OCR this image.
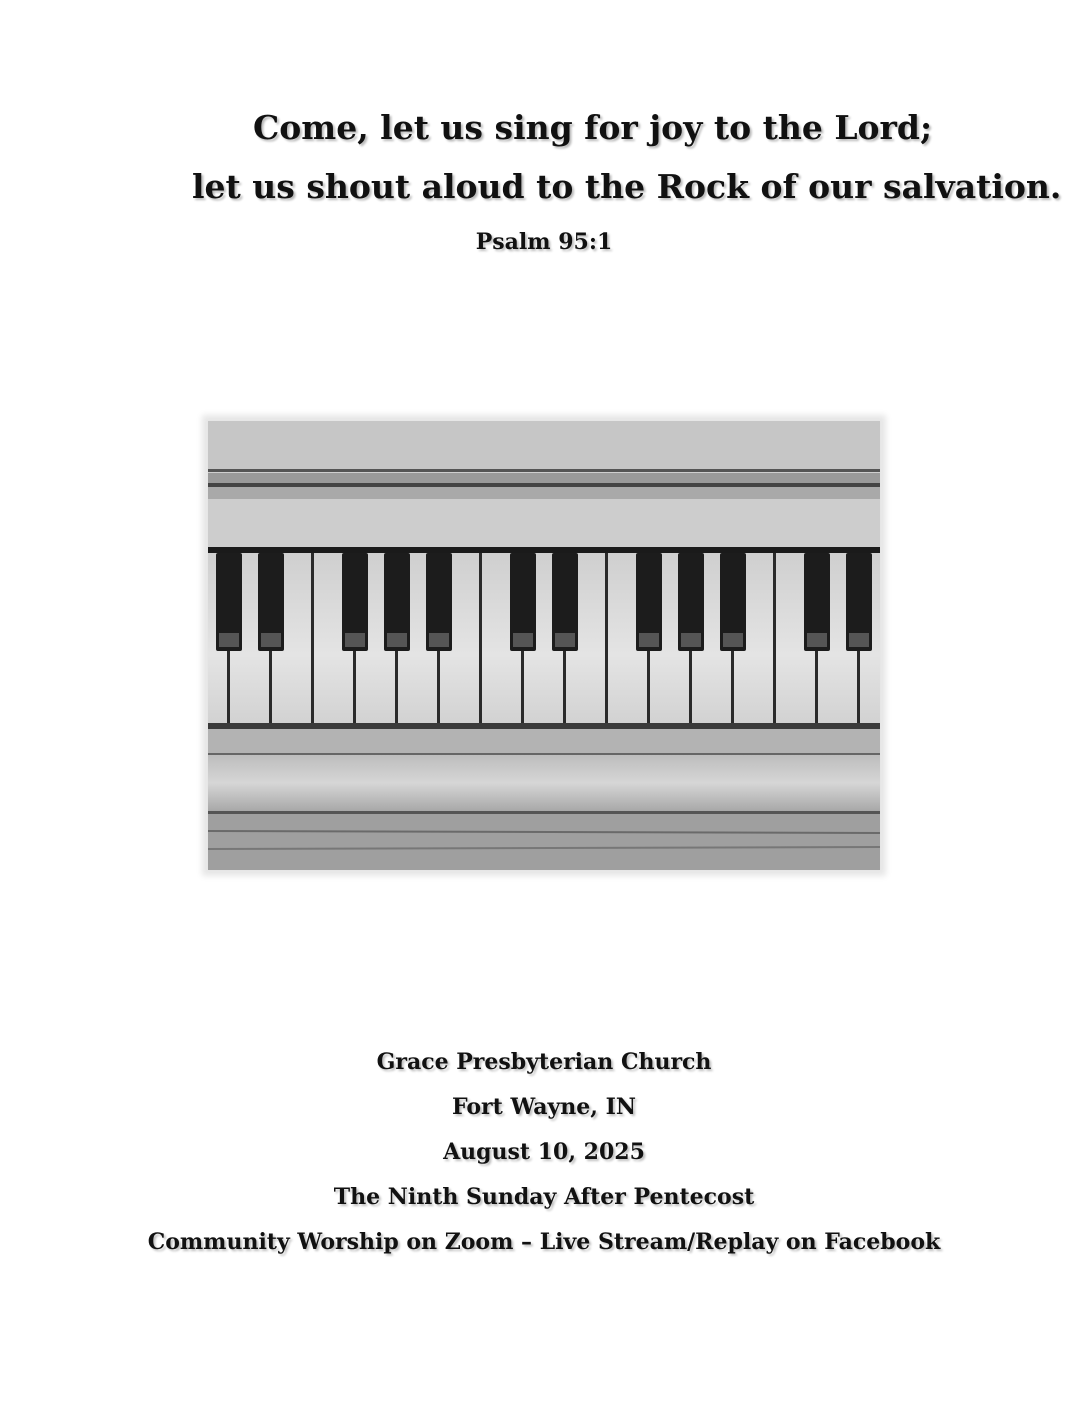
Come, let us sing for joy to the Lord;
let us shout aloud to the Rock of our salvation.
Psalm 95:1
Grace Presbyterian Church
Fort Wayne, IN
August 10, 2025
The Ninth Sunday After Pentecost
Community Worship on Zoom – Live Stream/Replay on Facebook
